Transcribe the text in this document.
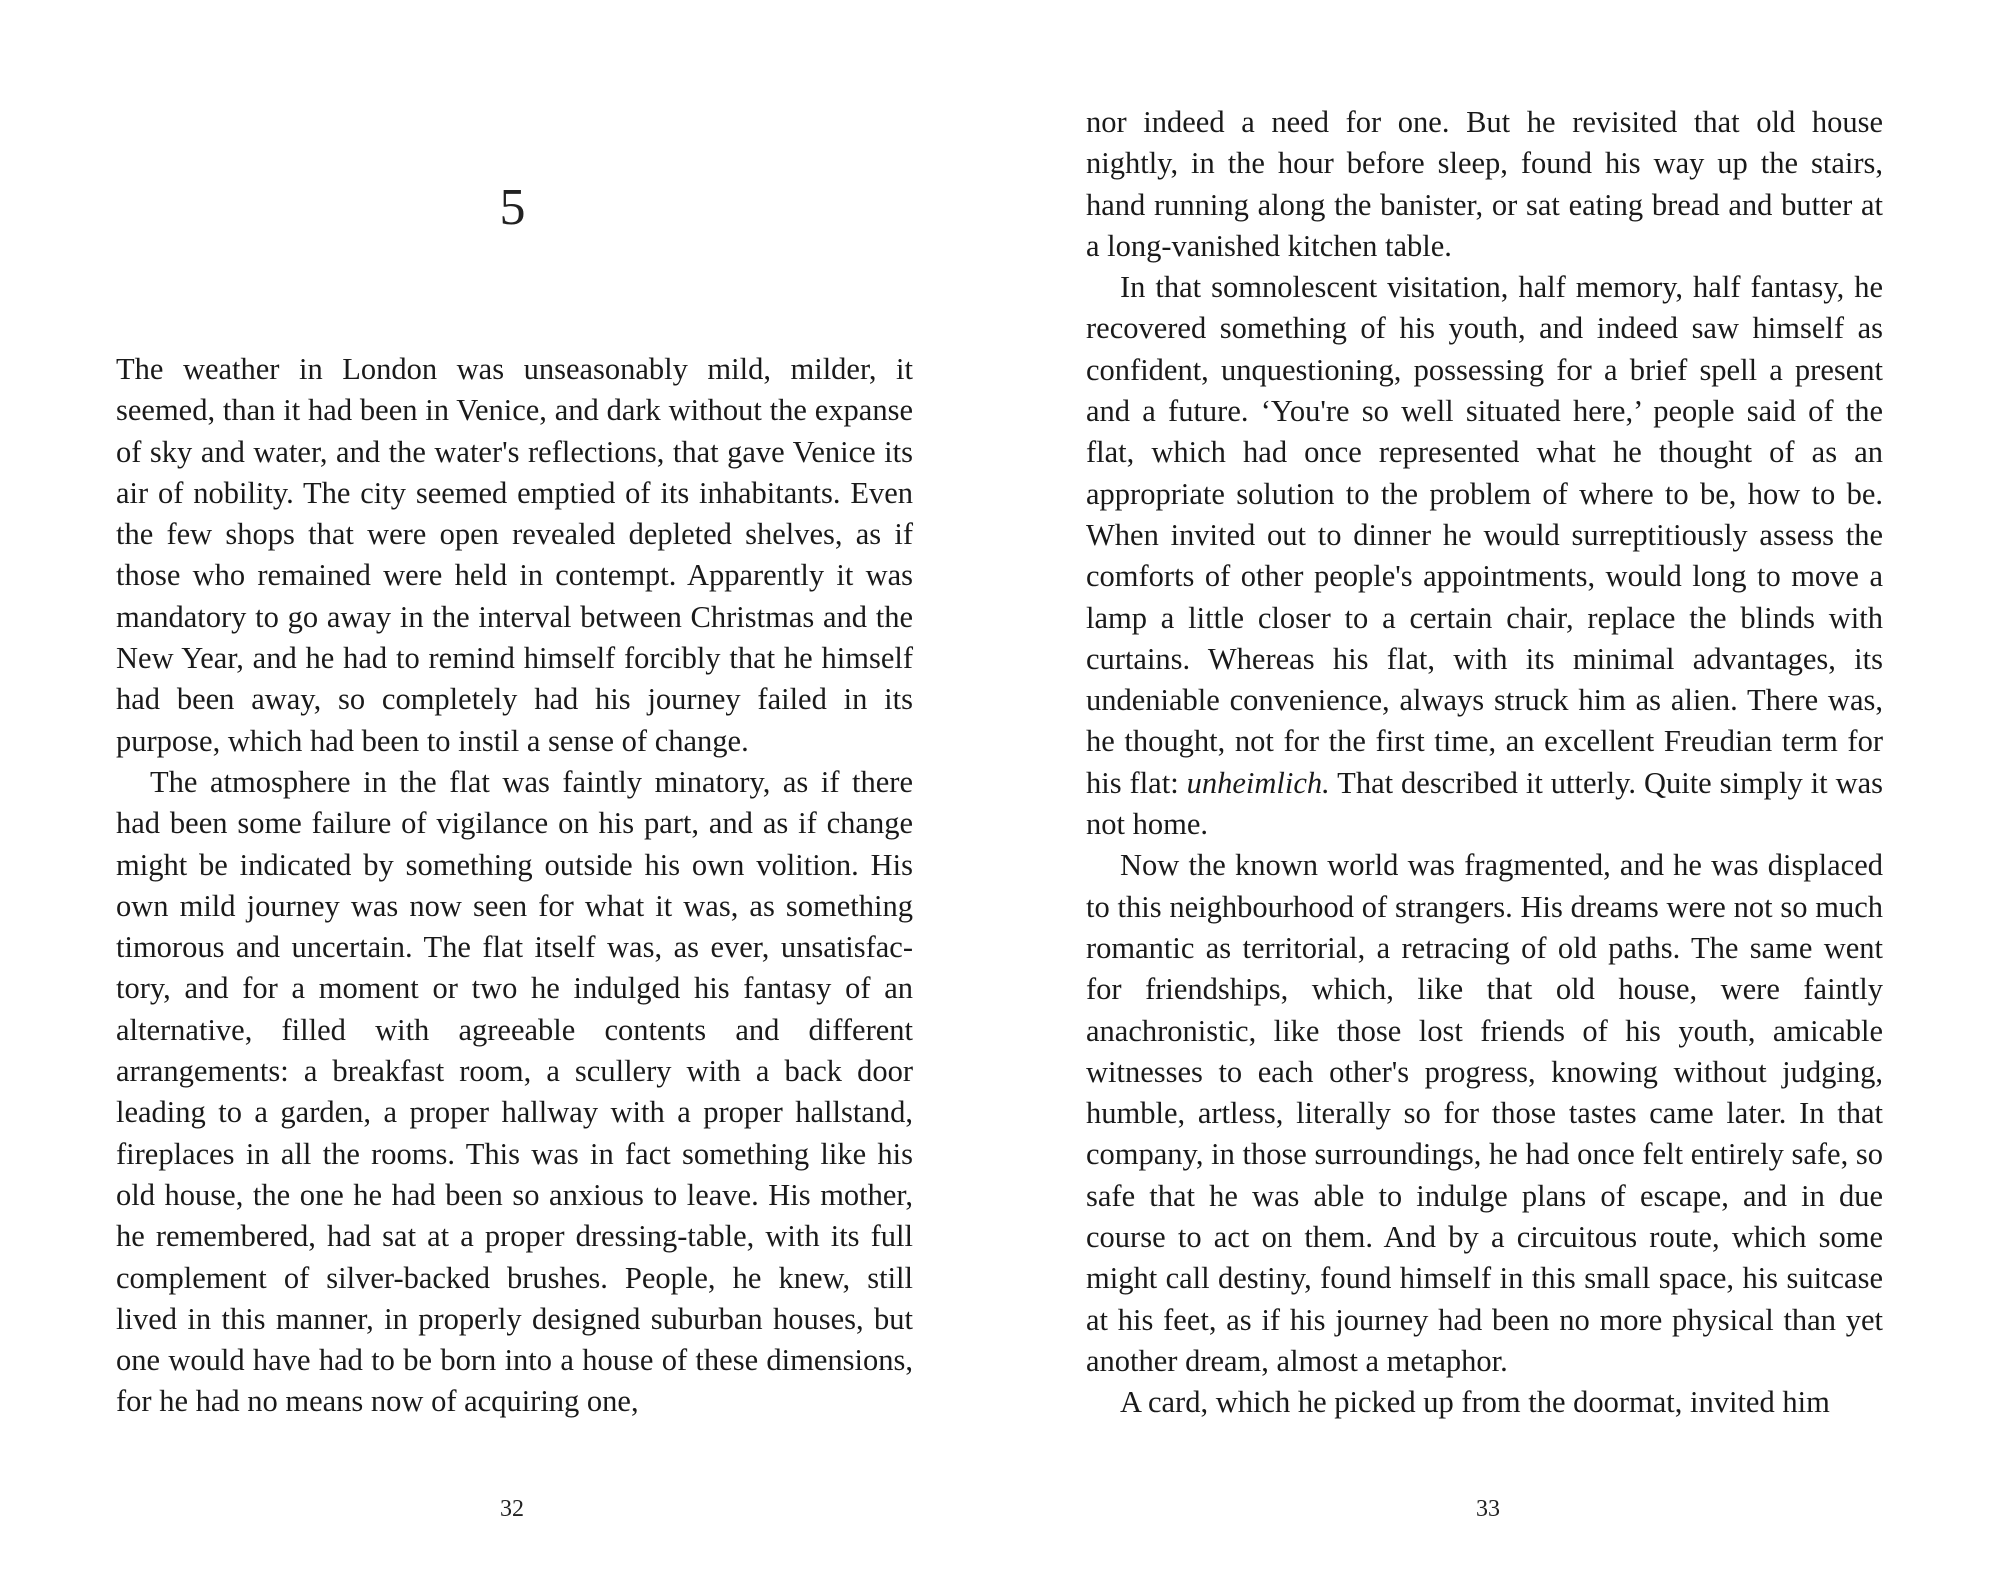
5

The weather in London was unseasonably mild, milder, it seemed, than it had been in Venice, and dark without the expanse of sky and water, and the water's reflections, that gave Venice its air of nobility. The city seemed emptied of its inhabitants. Even the few shops that were open revealed depleted shelves, as if those who remained were held in contempt. Apparently it was mandatory to go away in the interval between Christmas and the New Year, and he had to remind himself forcibly that he himself had been away, so completely had his journey failed in its purpose, which had been to instil a sense of change.

The atmosphere in the flat was faintly minatory, as if there had been some failure of vigilance on his part, and as if change might be indicated by something outside his own volition. His own mild journey was now seen for what it was, as something timorous and uncertain. The flat itself was, as ever, unsatisfactory, and for a moment or two he indulged his fantasy of an alternative, filled with agreeable contents and different arrangements: a breakfast room, a scullery with a back door leading to a garden, a proper hallway with a proper hallstand, fireplaces in all the rooms. This was in fact something like his old house, the one he had been so anxious to leave. His mother, he remembered, had sat at a proper dressing-table, with its full complement of silver-backed brushes. People, he knew, still lived in this manner, in properly designed suburban houses, but one would have had to be born into a house of these dimensions, for he had no means now of acquiring one,

32

nor indeed a need for one. But he revisited that old house nightly, in the hour before sleep, found his way up the stairs, hand running along the banister, or sat eating bread and butter at a long-vanished kitchen table.

In that somnolescent visitation, half memory, half fantasy, he recovered something of his youth, and indeed saw himself as confident, unquestioning, possessing for a brief spell a present and a future. ‘You're so well situated here,’ people said of the flat, which had once represented what he thought of as an appropriate solution to the problem of where to be, how to be. When invited out to dinner he would surreptitiously assess the comforts of other people's appointments, would long to move a lamp a little closer to a certain chair, replace the blinds with curtains. Whereas his flat, with its minimal advantages, its undeniable convenience, always struck him as alien. There was, he thought, not for the first time, an excellent Freudian term for his flat: unheimlich. That described it utterly. Quite simply it was not home.

Now the known world was fragmented, and he was displaced to this neighbourhood of strangers. His dreams were not so much romantic as territorial, a retracing of old paths. The same went for friendships, which, like that old house, were faintly anachronistic, like those lost friends of his youth, amicable witnesses to each other's progress, knowing without judging, humble, artless, literally so for those tastes came later. In that company, in those surroundings, he had once felt entirely safe, so safe that he was able to indulge plans of escape, and in due course to act on them. And by a circuitous route, which some might call destiny, found himself in this small space, his suitcase at his feet, as if his journey had been no more physical than yet another dream, almost a metaphor.

A card, which he picked up from the doormat, invited him

33
